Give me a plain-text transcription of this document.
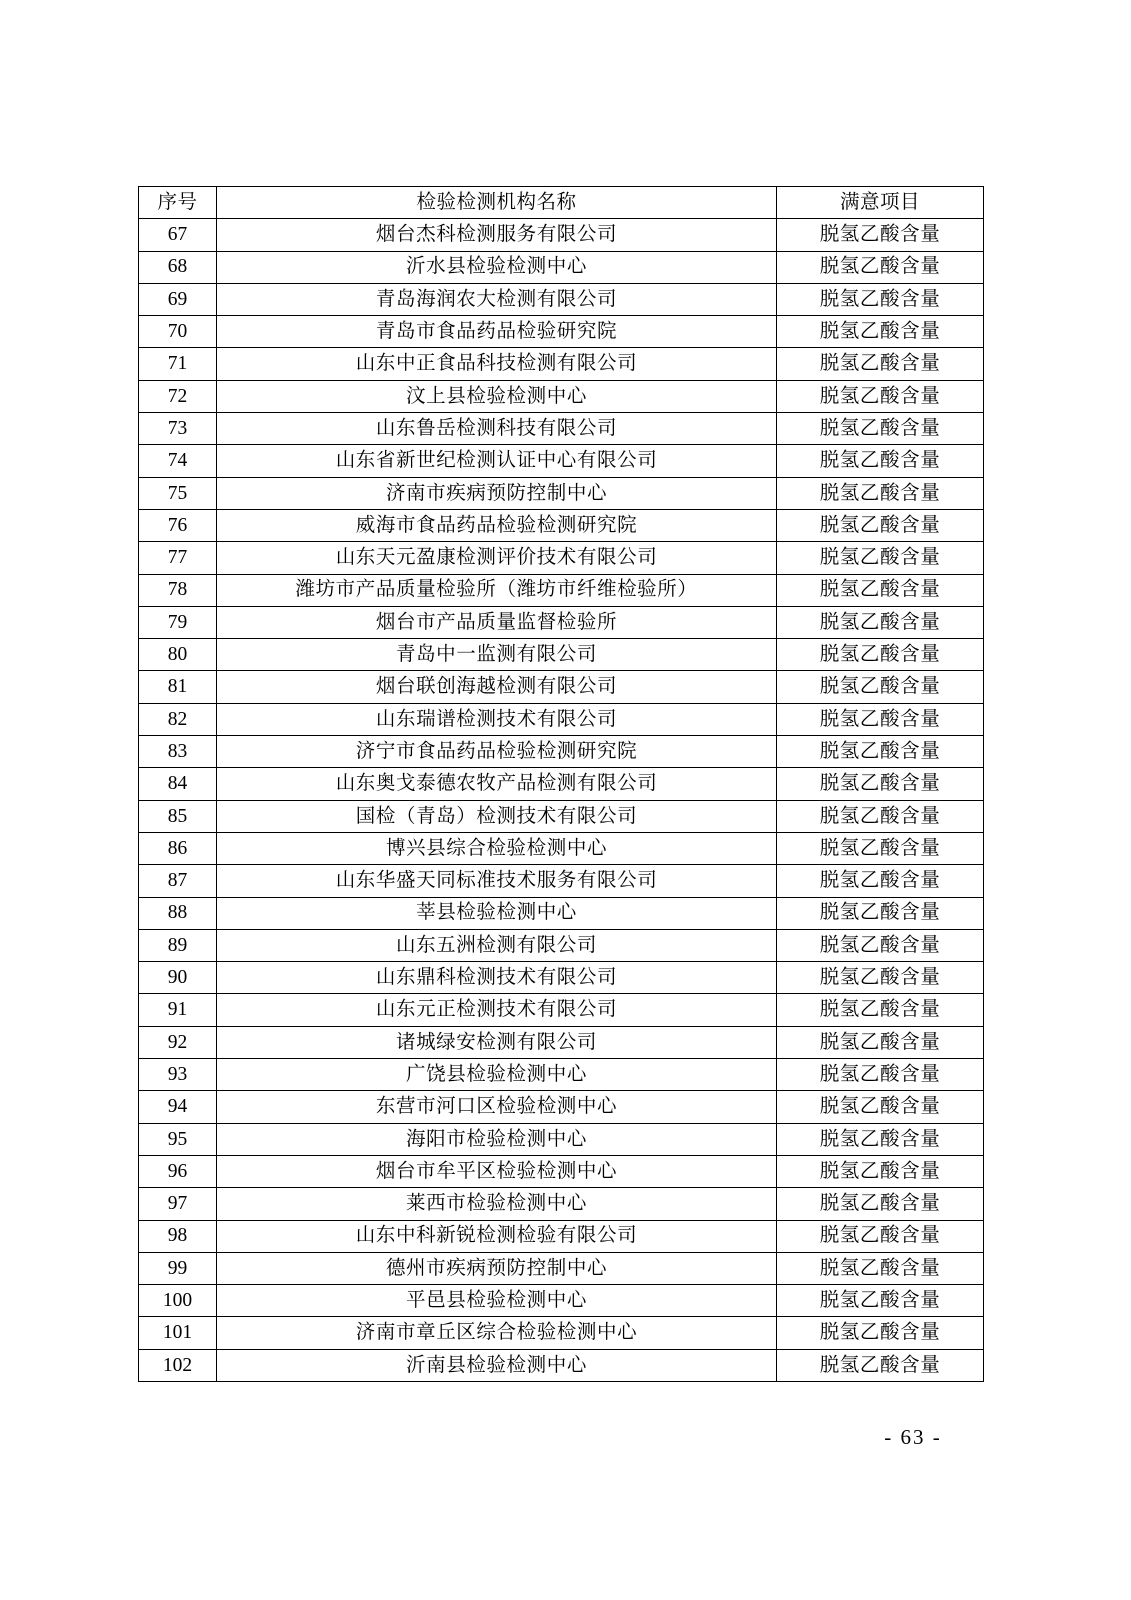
序号	检验检测机构名称	满意项目
67	烟台杰科检测服务有限公司	脱氢乙酸含量
68	沂水县检验检测中心	脱氢乙酸含量
69	青岛海润农大检测有限公司	脱氢乙酸含量
70	青岛市食品药品检验研究院	脱氢乙酸含量
71	山东中正食品科技检测有限公司	脱氢乙酸含量
72	汶上县检验检测中心	脱氢乙酸含量
73	山东鲁岳检测科技有限公司	脱氢乙酸含量
74	山东省新世纪检测认证中心有限公司	脱氢乙酸含量
75	济南市疾病预防控制中心	脱氢乙酸含量
76	威海市食品药品检验检测研究院	脱氢乙酸含量
77	山东天元盈康检测评价技术有限公司	脱氢乙酸含量
78	潍坊市产品质量检验所（潍坊市纤维检验所）	脱氢乙酸含量
79	烟台市产品质量监督检验所	脱氢乙酸含量
80	青岛中一监测有限公司	脱氢乙酸含量
81	烟台联创海越检测有限公司	脱氢乙酸含量
82	山东瑞谱检测技术有限公司	脱氢乙酸含量
83	济宁市食品药品检验检测研究院	脱氢乙酸含量
84	山东奥戈泰德农牧产品检测有限公司	脱氢乙酸含量
85	国检（青岛）检测技术有限公司	脱氢乙酸含量
86	博兴县综合检验检测中心	脱氢乙酸含量
87	山东华盛天同标准技术服务有限公司	脱氢乙酸含量
88	莘县检验检测中心	脱氢乙酸含量
89	山东五洲检测有限公司	脱氢乙酸含量
90	山东鼎科检测技术有限公司	脱氢乙酸含量
91	山东元正检测技术有限公司	脱氢乙酸含量
92	诸城绿安检测有限公司	脱氢乙酸含量
93	广饶县检验检测中心	脱氢乙酸含量
94	东营市河口区检验检测中心	脱氢乙酸含量
95	海阳市检验检测中心	脱氢乙酸含量
96	烟台市牟平区检验检测中心	脱氢乙酸含量
97	莱西市检验检测中心	脱氢乙酸含量
98	山东中科新锐检测检验有限公司	脱氢乙酸含量
99	德州市疾病预防控制中心	脱氢乙酸含量
100	平邑县检验检测中心	脱氢乙酸含量
101	济南市章丘区综合检验检测中心	脱氢乙酸含量
102	沂南县检验检测中心	脱氢乙酸含量
- 63 -
